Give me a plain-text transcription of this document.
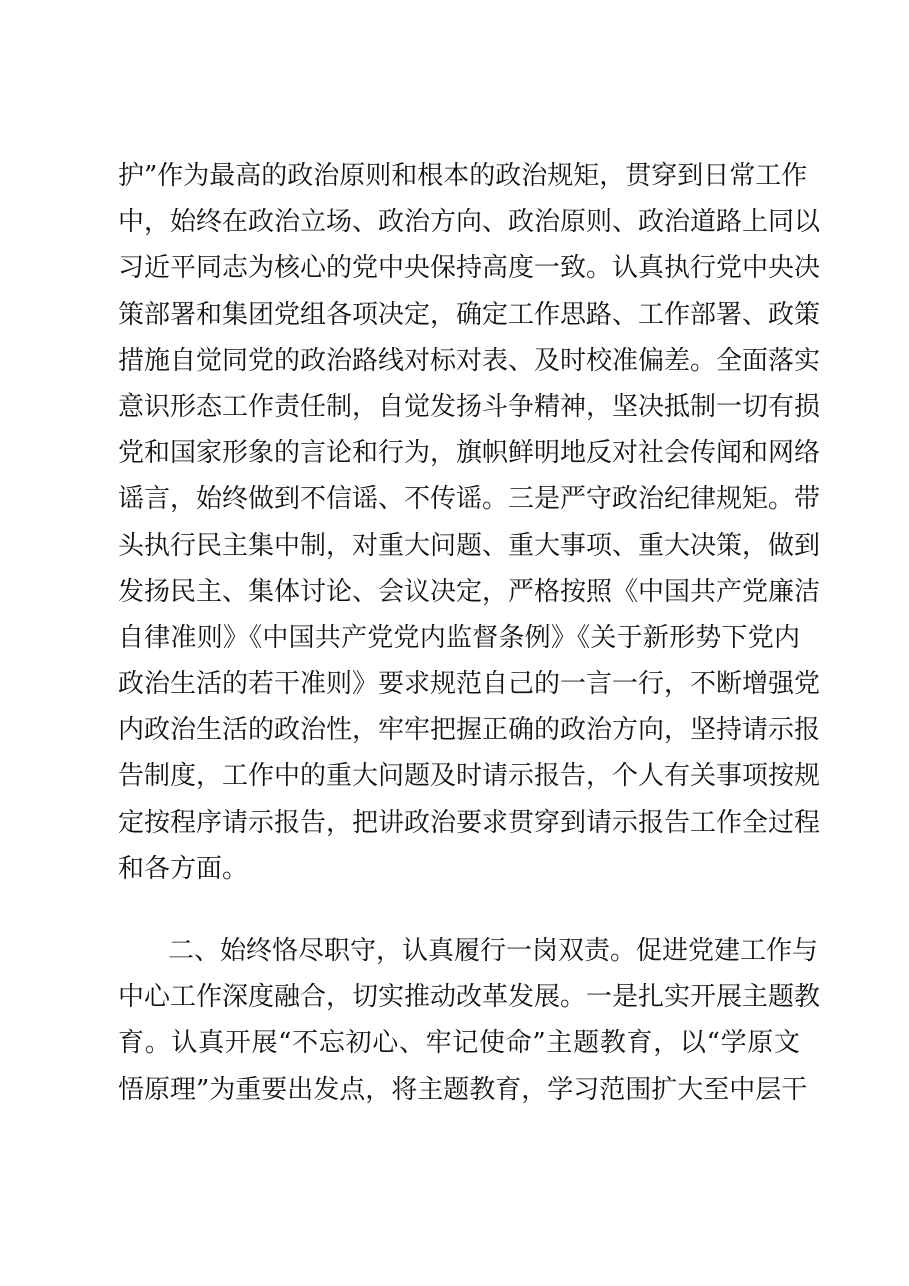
护”作为最高的政治原则和根本的政治规矩，贯穿到日常工作
中，始终在政治立场、政治方向、政治原则、政治道路上同以
习近平同志为核心的党中央保持高度一致。认真执行党中央决
策部署和集团党组各项决定，确定工作思路、工作部署、政策
措施自觉同党的政治路线对标对表、及时校准偏差。全面落实
意识形态工作责任制，自觉发扬斗争精神，坚决抵制一切有损
党和国家形象的言论和行为，旗帜鲜明地反对社会传闻和网络
谣言，始终做到不信谣、不传谣。三是严守政治纪律规矩。带
头执行民主集中制，对重大问题、重大事项、重大决策，做到
发扬民主、集体讨论、会议决定，严格按照《中国共产党廉洁
自律准则》《中国共产党党内监督条例》《关于新形势下党内
政治生活的若干准则》要求规范自己的一言一行，不断增强党
内政治生活的政治性，牢牢把握正确的政治方向，坚持请示报
告制度，工作中的重大问题及时请示报告，个人有关事项按规
定按程序请示报告，把讲政治要求贯穿到请示报告工作全过程
和各方面。
二、始终恪尽职守，认真履行一岗双责。促进党建工作与
中心工作深度融合，切实推动改革发展。一是扎实开展主题教
育。认真开展“不忘初心、牢记使命”主题教育，以“学原文
悟原理”为重要出发点，将主题教育，学习范围扩大至中层干
